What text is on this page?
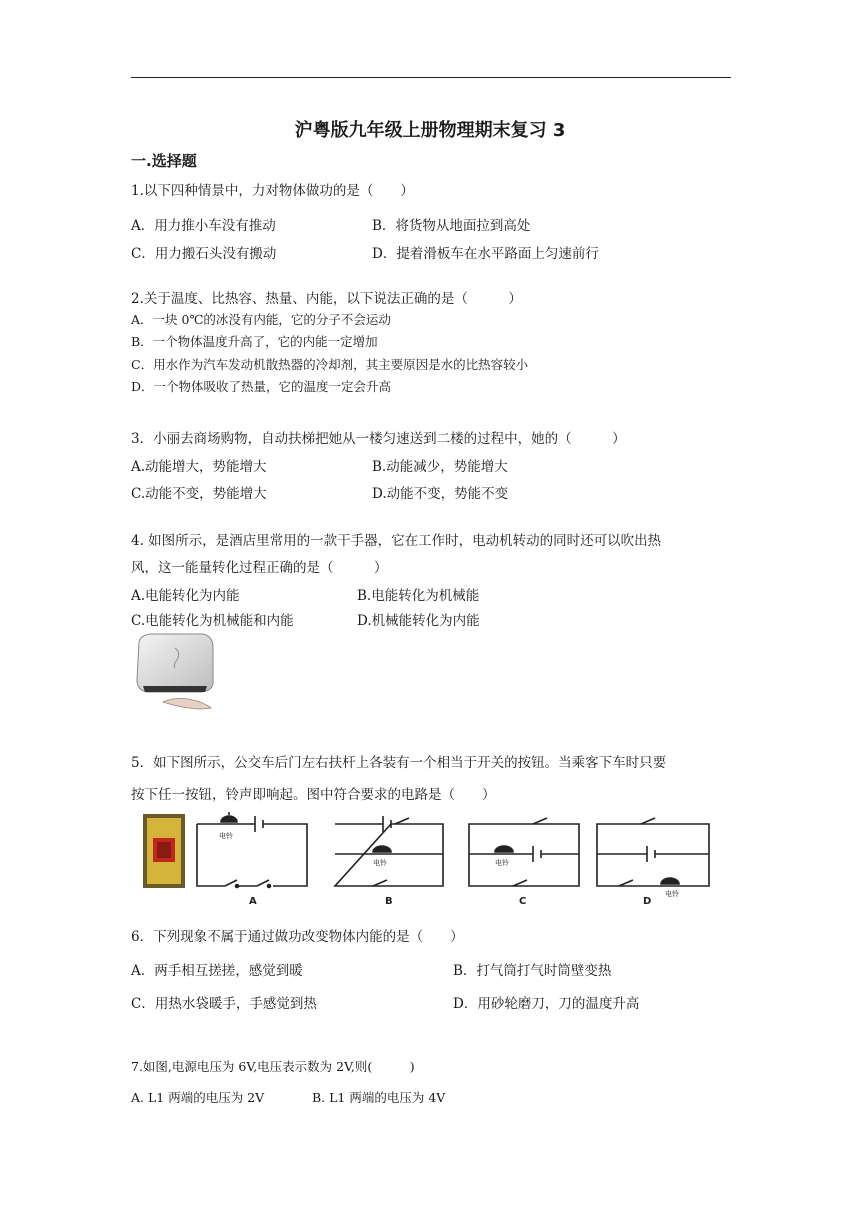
沪粤版九年级上册物理期末复习 3
一.选择题
1.以下四种情景中，力对物体做功的是（　　）
A．用力推小车没有推动	B．将货物从地面拉到高处
C．用力搬石头没有搬动	D．提着滑板车在水平路面上匀速前行
2.关于温度、比热容、热量、内能，以下说法正确的是（　　　）
A．一块 0℃的冰没有内能，它的分子不会运动
B．一个物体温度升高了，它的内能一定增加
C．用水作为汽车发动机散热器的冷却剂，其主要原因是水的比热容较小
D．一个物体吸收了热量，它的温度一定会升高
3．小丽去商场购物，自动扶梯把她从一楼匀速送到二楼的过程中，她的（　　　）
A.动能增大，势能增大	B.动能减少，势能增大
C.动能不变，势能增大	D.动能不变，势能不变
4. 如图所示，是酒店里常用的一款干手器，它在工作时，电动机转动的同时还可以吹出热
风，这一能量转化过程正确的是（　　　）
A.电能转化为内能	B.电能转化为机械能
C.电能转化为机械能和内能	D.机械能转化为内能
5．如下图所示，公交车后门左右扶杆上各装有一个相当于开关的按钮。当乘客下车时只要
按下任一按钮，铃声即响起。图中符合要求的电路是（　　）
电铃
A
电铃
B
电铃
C
电铃
D
6．下列现象不属于通过做功改变物体内能的是（　　）
A．两手相互搓搓，感觉到暖	B．打气筒打气时筒壁变热
C．用热水袋暖手，手感觉到热	D．用砂轮磨刀，刀的温度升高
7.如图,电源电压为 6V,电压表示数为 2V,则(　　　)
A. L1 两端的电压为 2V	B. L1 两端的电压为 4V
